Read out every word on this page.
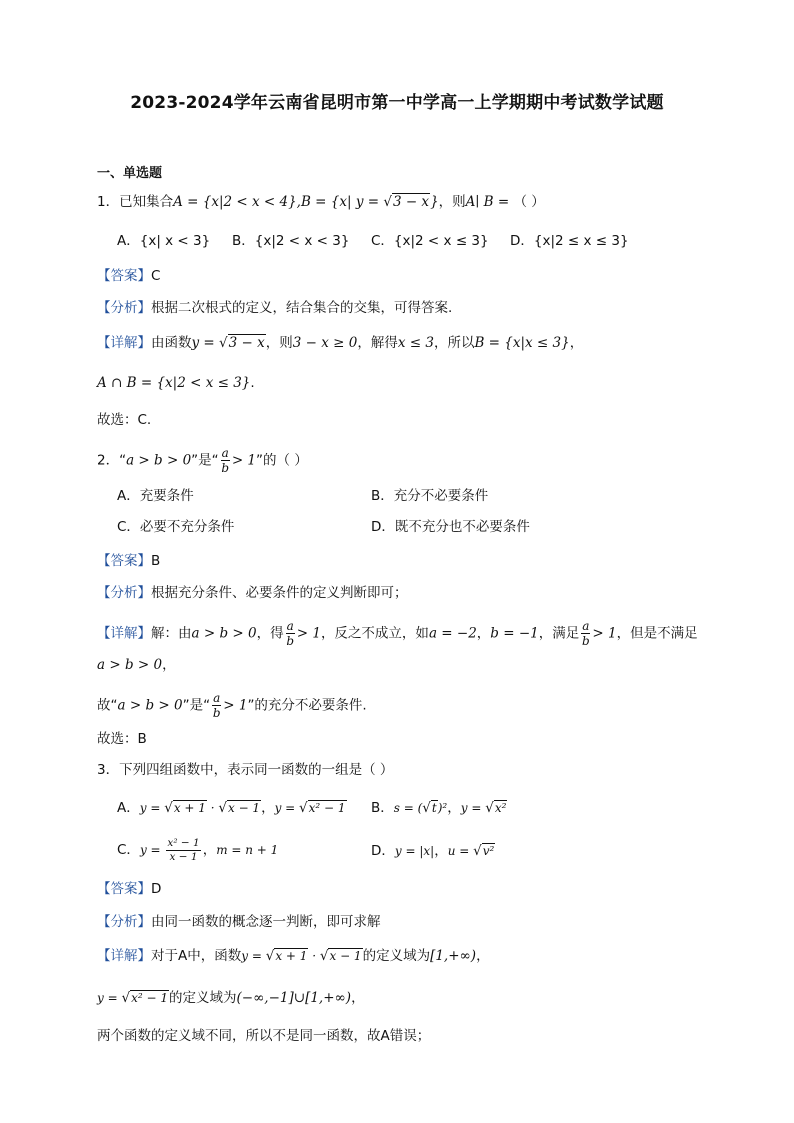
2023-2024学年云南省昆明市第一中学高一上学期期中考试数学试题
一、单选题
1．已知集合A = {x|2 < x < 4},B = {x| y = √3 − x}，则A∣ B = （ ）
A．{x| x < 3} B．{x|2 < x < 3} C．{x|2 < x ≤ 3} D．{x|2 ≤ x ≤ 3}
【答案】C
【分析】根据二次根式的定义，结合集合的交集，可得答案.
【详解】由函数y = √3 − x，则3 − x ≥ 0，解得x ≤ 3，所以B = {x|x ≤ 3}，
A ∩ B = {x|2 < x ≤ 3}.
故选：C.
2．“a > b > 0”是“ $\frac{a}{b} > 1$”的（ ）
A．充要条件	B．充分不必要条件
C．必要不充分条件	D．既不充分也不必要条件
【答案】B
【分析】根据充分条件、必要条件的定义判断即可；
【详解】解：由a > b > 0，得 $\frac{a}{b} > 1$，反之不成立，如a = −2，b = −1，满足 $\frac{a}{b} > 1$，但是不满足
a > b > 0，
故“a > b > 0”是“ $\frac{a}{b} > 1$”的充分不必要条件.
故选：B
3．下列四组函数中，表示同一函数的一组是（ ）
A．y = √x + 1 · √x − 1，y = √x² − 1 B．s = (√t)²，y = √x²
C．$y = \frac{\text{x² − 1}}{x - 1}$ ，m = n + 1	D．y = |x|，u = √v²
【答案】D
【分析】由同一函数的概念逐一判断，即可求解
【详解】对于A中，函数y = √x + 1 · √x − 1的定义域为[1,+∞)，
y = √x² − 1的定义域为(−∞,−1]∪[1,+∞)，
两个函数的定义域不同，所以不是同一函数，故A错误；
